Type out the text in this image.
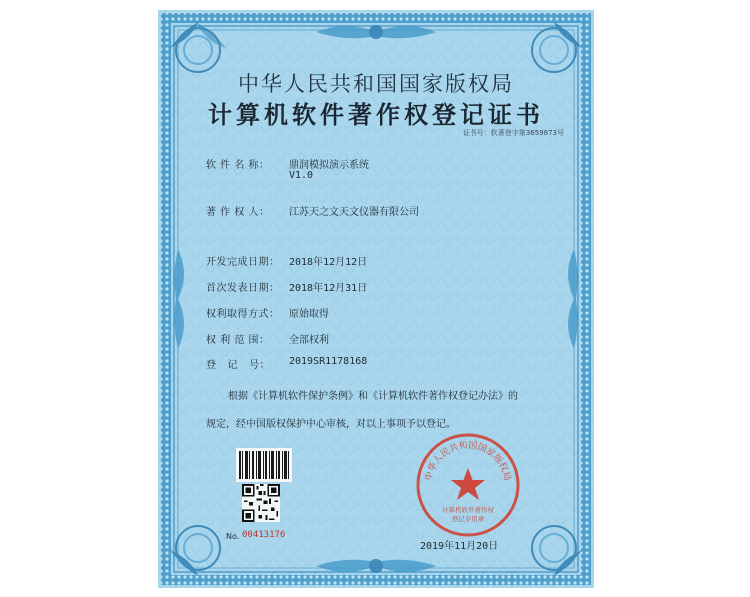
中华人民共和国国家版权局
计算机软件著作权登记证书
证书号：软著登字第3659873号
软 件 名 称： 鼎润模拟演示系统
V1.0
著 作 权 人： 江苏天之文天文仪器有限公司
开发完成日期： 2018年12月12日
首次发表日期： 2018年12月31日
权利取得方式： 原始取得
权 利 范 围： 全部权利
登   记   号： 2019SR1178168
根据《计算机软件保护条例》和《计算机软件著作权登记办法》的
规定，经中国版权保护中心审核，对以上事项予以登记。
No. 00413176
中华人民共和国国家版权局
计算机软件著作权
登记专用章
2019年11月20日
